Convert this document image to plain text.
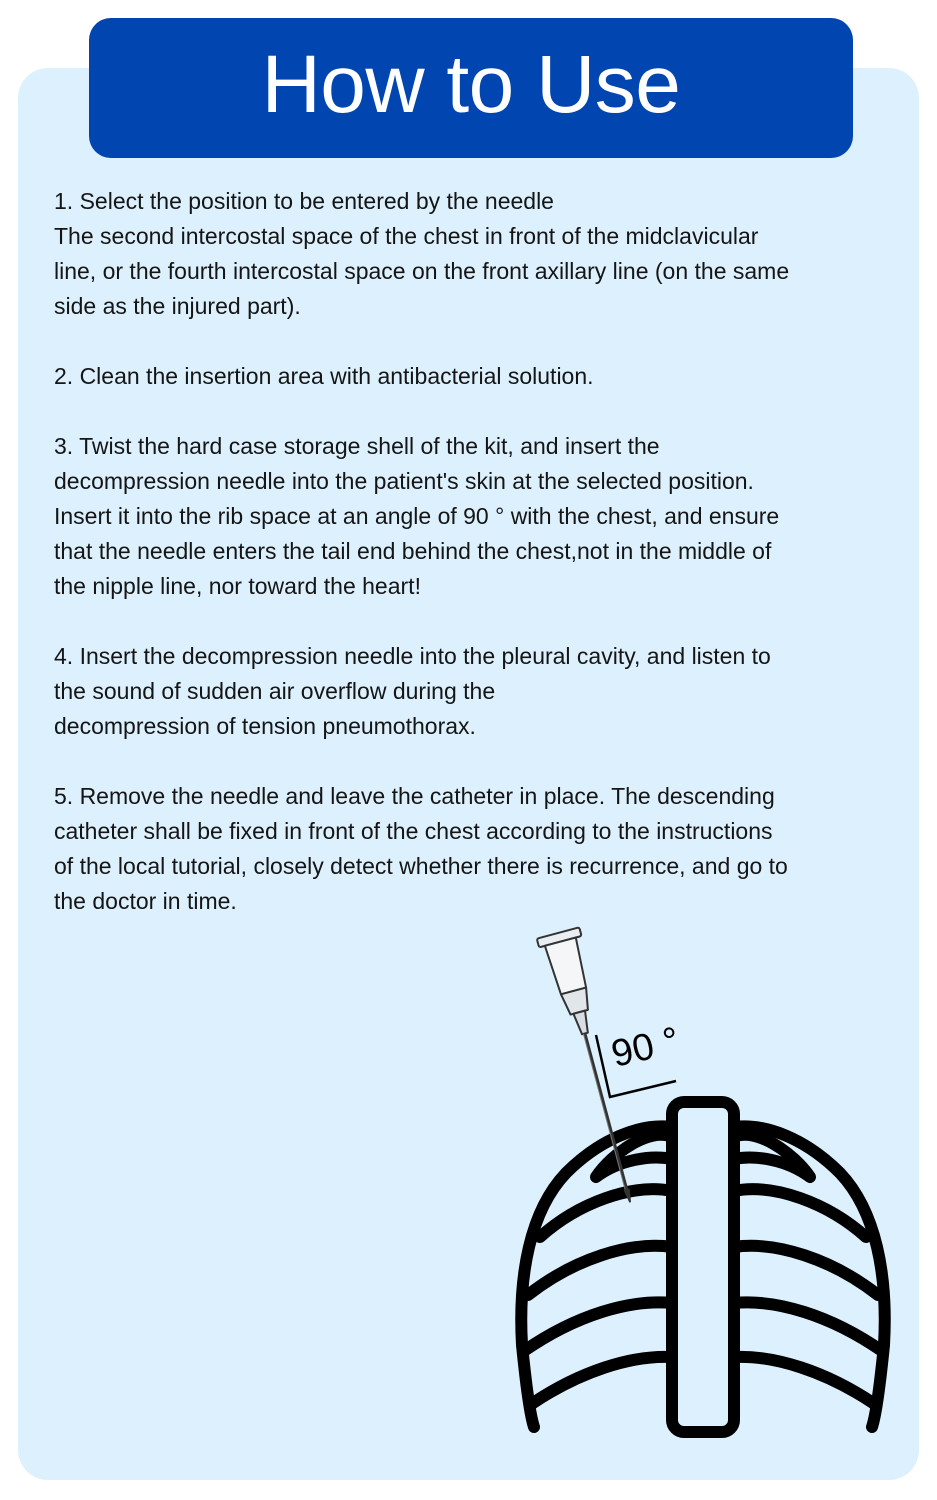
How to Use
1. Select the position to be entered by the needle
The second intercostal space of the chest in front of the midclavicular
line, or the fourth intercostal space on the front axillary line (on the same
side as the injured part).
2. Clean the insertion area with antibacterial solution.
3. Twist the hard case storage shell of the kit, and insert the
decompression needle into the patient's skin at the selected position.
Insert it into the rib space at an angle of 90 ° with the chest, and ensure
that the needle enters the tail end behind the chest,not in the middle of
the nipple line, nor toward the heart!
4. Insert the decompression needle into the pleural cavity, and listen to
the sound of sudden air overflow during the
decompression of tension pneumothorax.
5. Remove the needle and leave the catheter in place. The descending
catheter shall be fixed in front of the chest according to the instructions
of the local tutorial, closely detect whether there is recurrence, and go to
the doctor in time.
90 °
